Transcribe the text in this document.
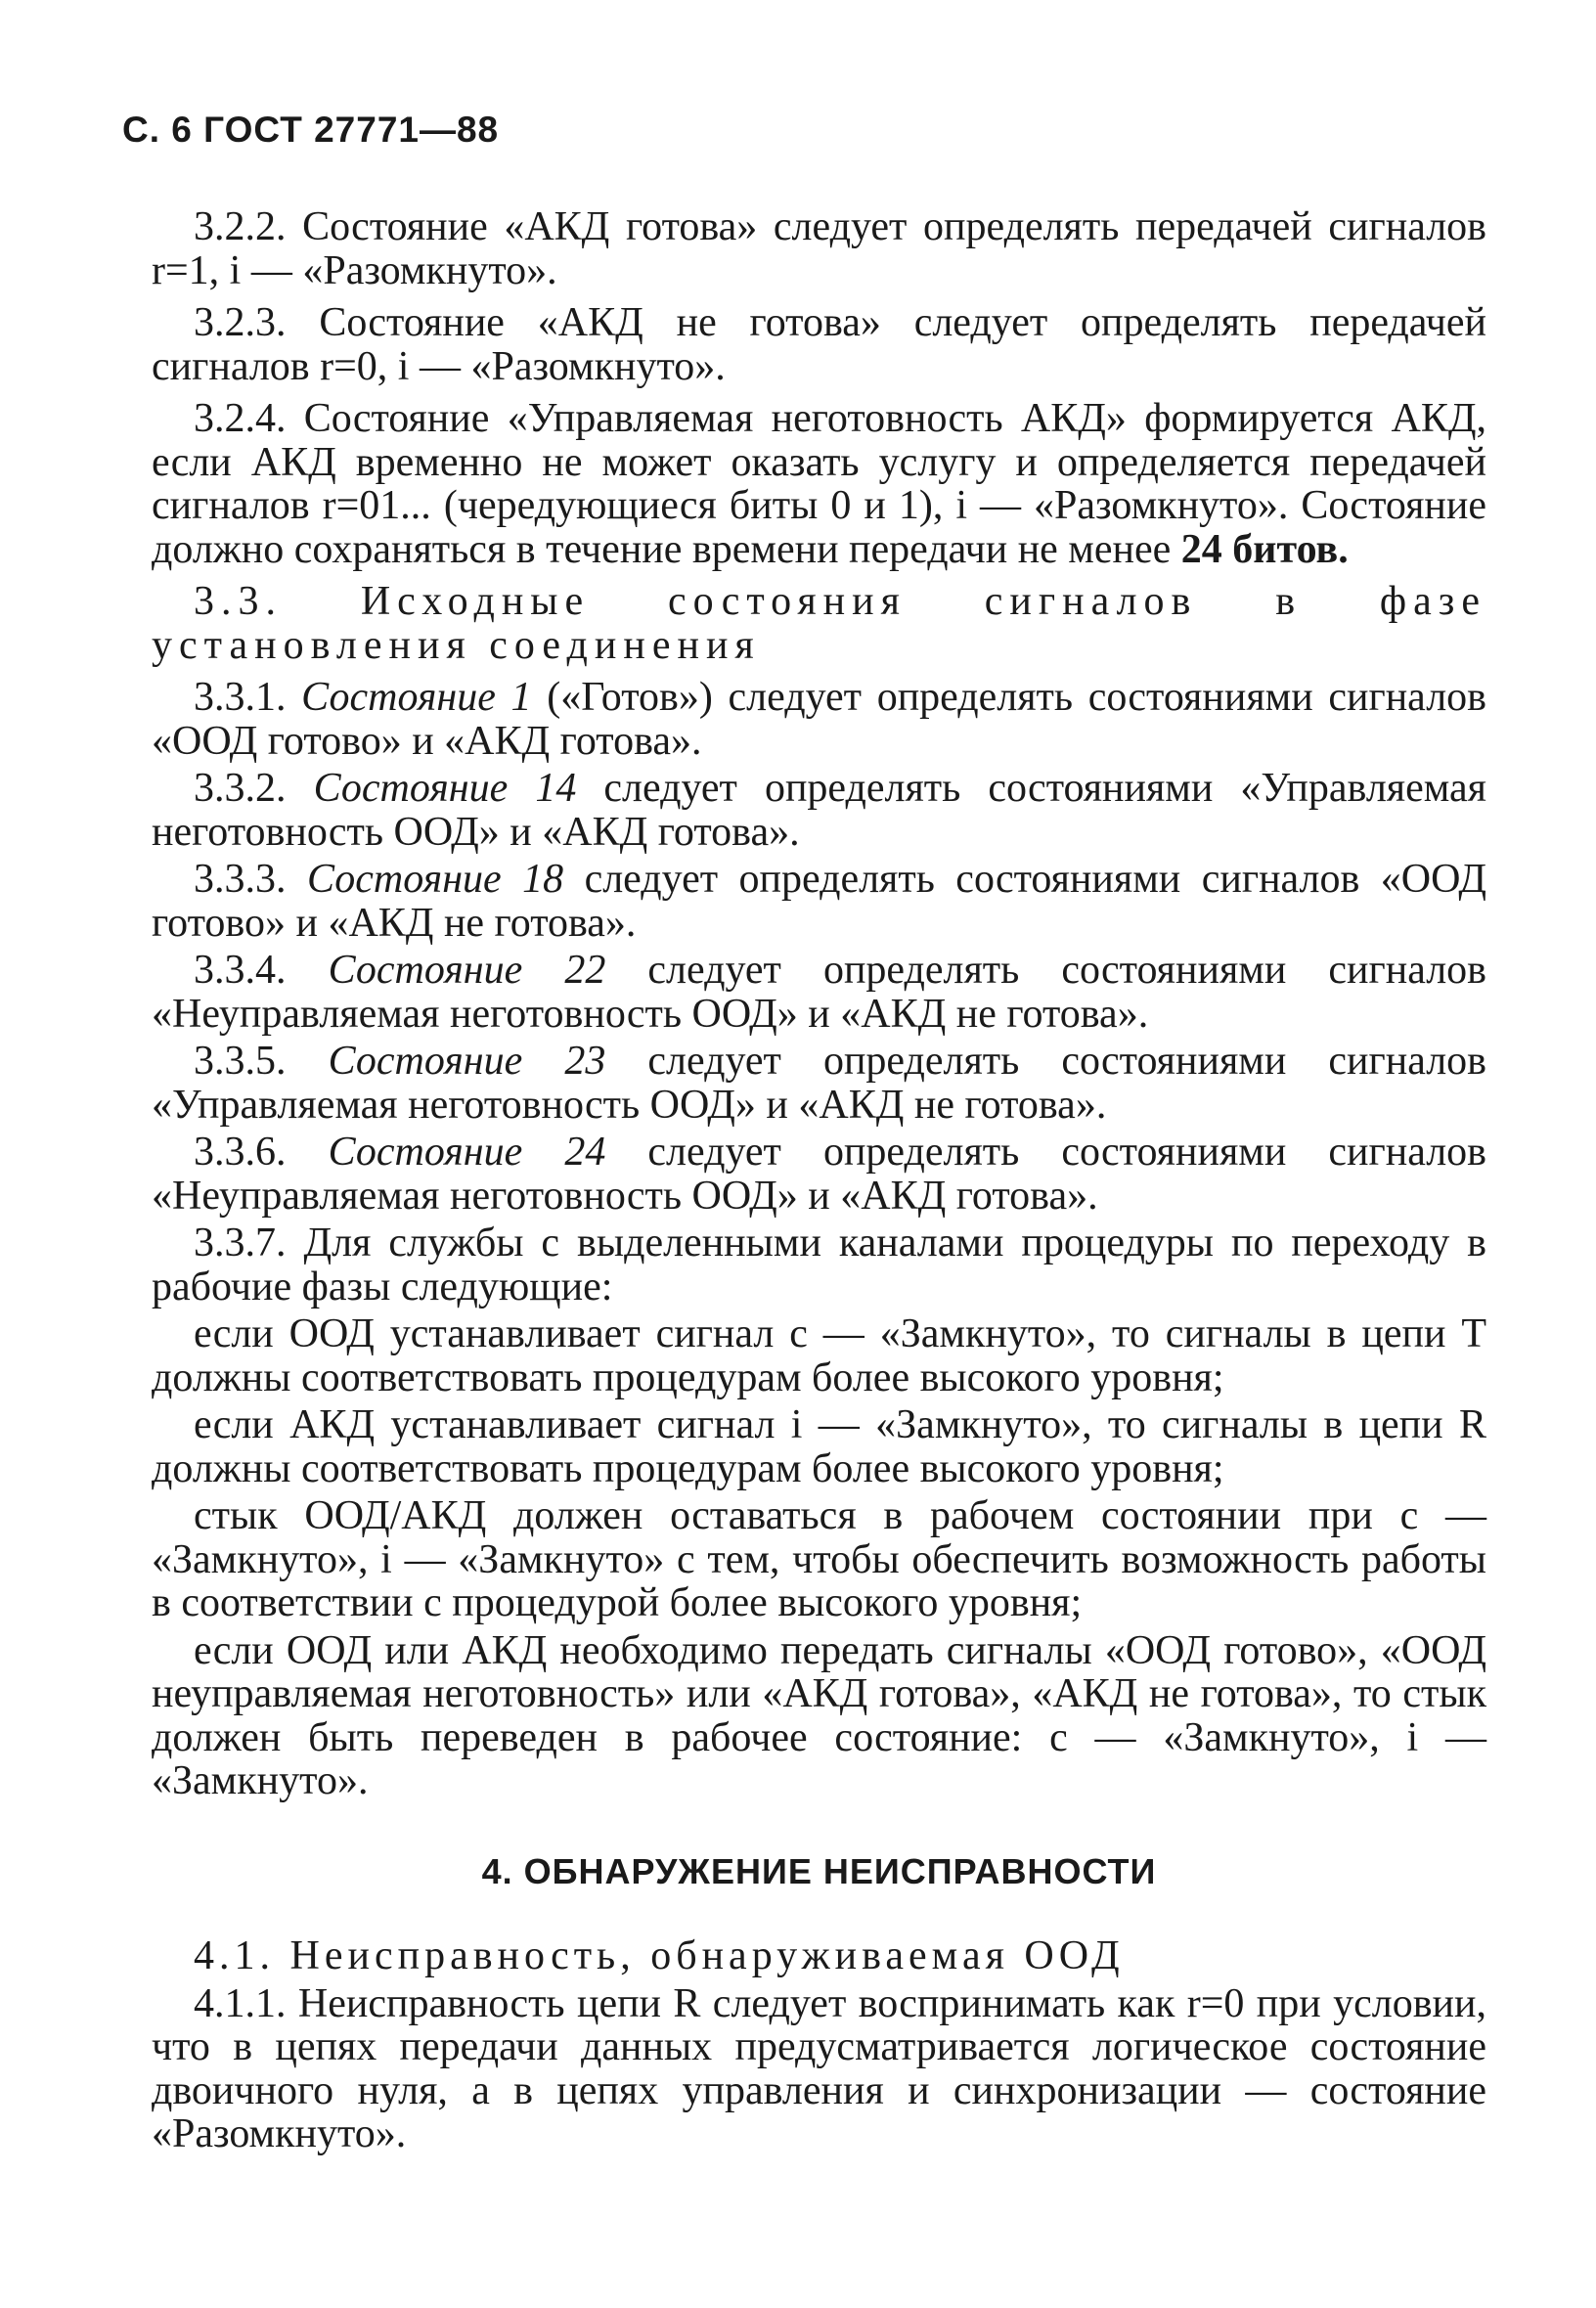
С. 6 ГОСТ 27771—88

3.2.2. Состояние «АКД готова» следует определять передачей сигналов r=1, i — «Разомкнуто».

3.2.3. Состояние «АКД не готова» следует определять передачей сигналов r=0, i — «Разомкнуто».

3.2.4. Состояние «Управляемая неготовность АКД» формируется АКД, если АКД временно не может оказать услугу и определяется передачей сигналов r=01... (чередующиеся биты 0 и 1), i — «Разомкнуто». Состояние должно сохраняться в течение времени передачи не менее 24 битов.

3.3. Исходные состояния сигналов в фазе установления соединения

3.3.1. Состояние 1 («Готов») следует определять состояниями сигналов «ООД готово» и «АКД готова».

3.3.2. Состояние 14 следует определять состояниями «Управляемая неготовность ООД» и «АКД готова».

3.3.3. Состояние 18 следует определять состояниями сигналов «ООД готово» и «АКД не готова».

3.3.4. Состояние 22 следует определять состояниями сигналов «Неуправляемая неготовность ООД» и «АКД не готова».

3.3.5. Состояние 23 следует определять состояниями сигналов «Управляемая неготовность ООД» и «АКД не готова».

3.3.6. Состояние 24 следует определять состояниями сигналов «Неуправляемая неготовность ООД» и «АКД готова».

3.3.7. Для службы с выделенными каналами процедуры по переходу в рабочие фазы следующие:

если ООД устанавливает сигнал c — «Замкнуто», то сигналы в цепи Т должны соответствовать процедурам более высокого уровня;

если АКД устанавливает сигнал i — «Замкнуто», то сигналы в цепи R должны соответствовать процедурам более высокого уровня;

стык ООД/АКД должен оставаться в рабочем состоянии при c — «Замкнуто», i — «Замкнуто» с тем, чтобы обеспечить возможность работы в соответствии с процедурой более высокого уровня;

если ООД или АКД необходимо передать сигналы «ООД готово», «ООД неуправляемая неготовность» или «АКД готова», «АКД не готова», то стык должен быть переведен в рабочее состояние: c — «Замкнуто», i — «Замкнуто».

4. ОБНАРУЖЕНИЕ НЕИСПРАВНОСТИ

4.1. Неисправность, обнаруживаемая ООД

4.1.1. Неисправность цепи R следует воспринимать как r=0 при условии, что в цепях передачи данных предусматривается логическое состояние двоичного нуля, а в цепях управления и синхронизации — состояние «Разомкнуто».
